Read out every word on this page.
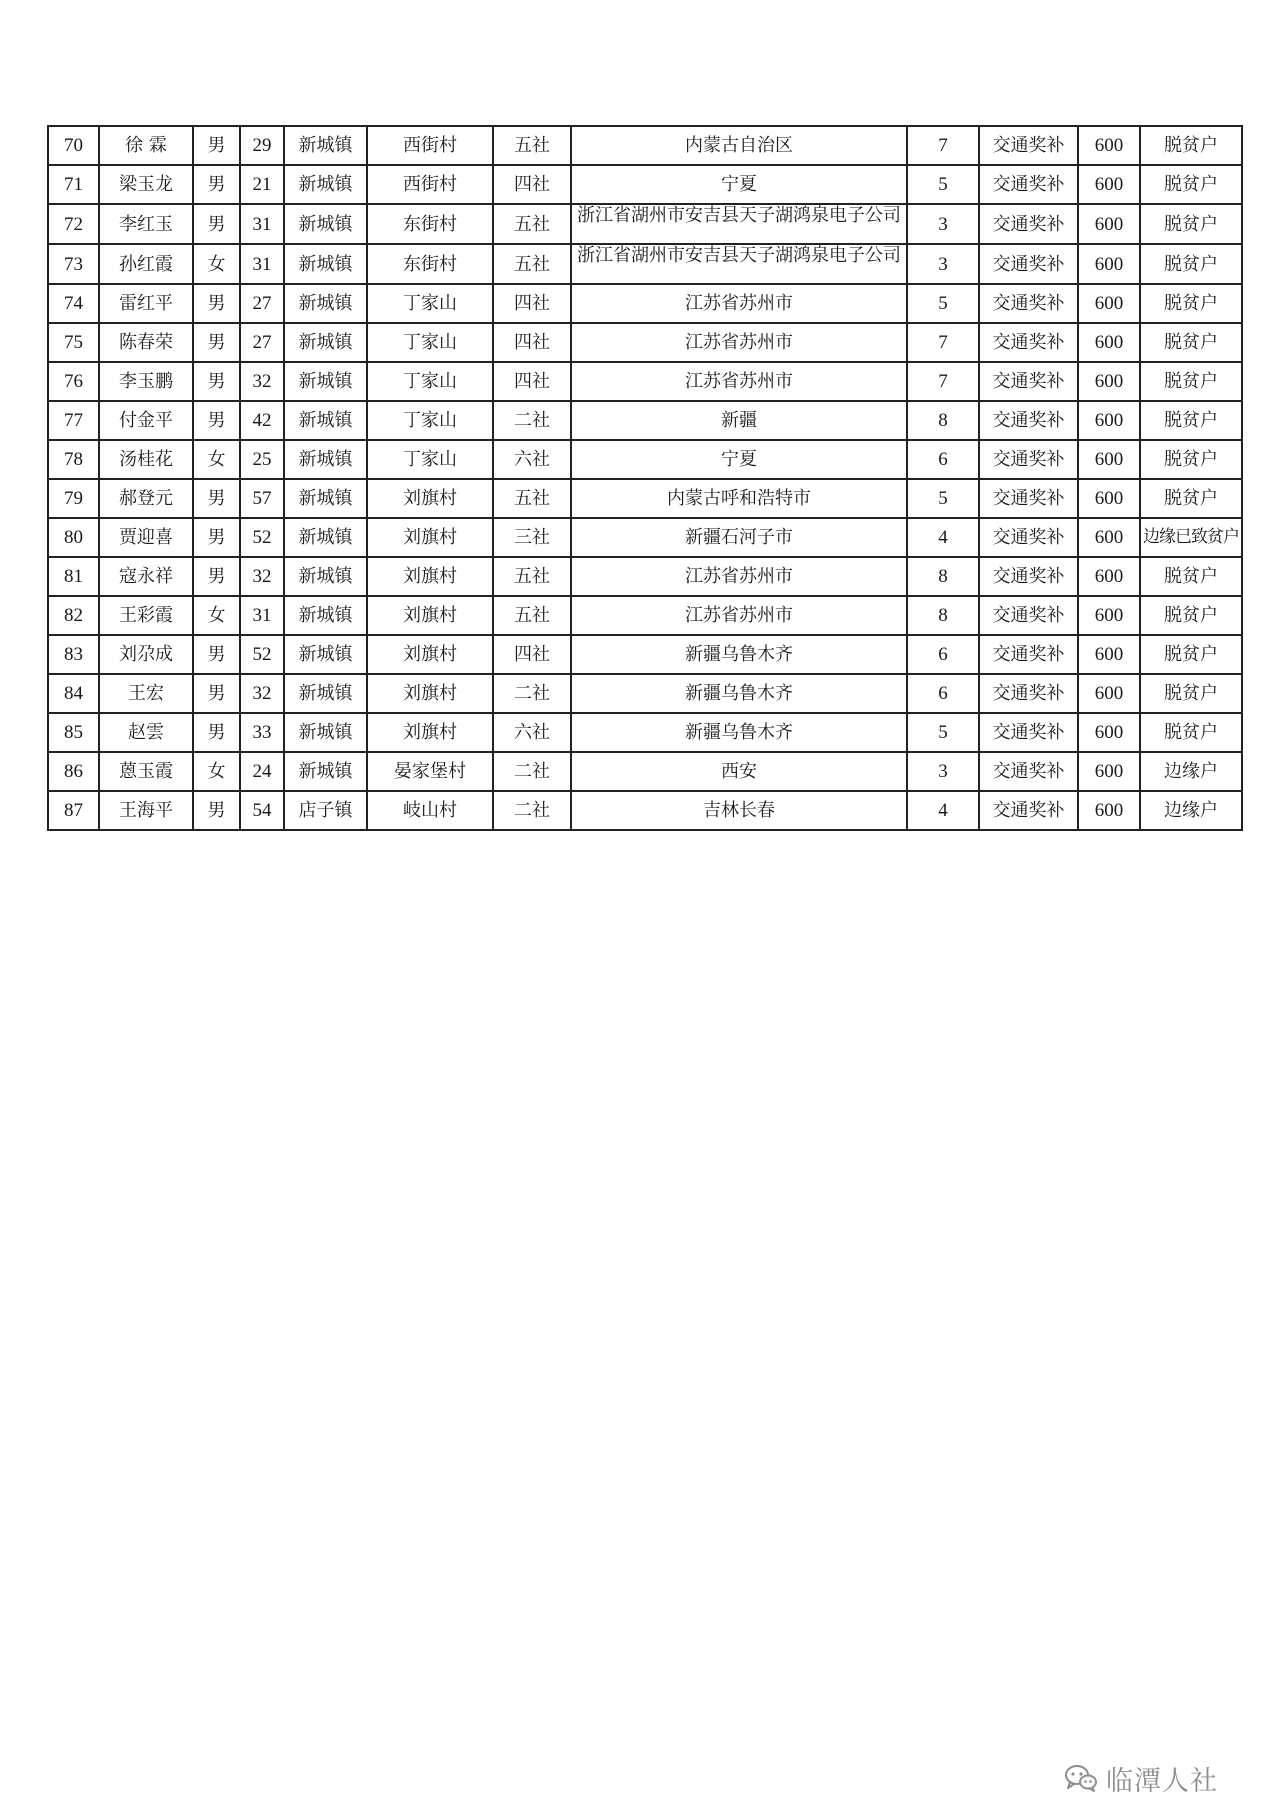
70	徐 霖	男	29	新城镇	西街村	五社	内蒙古自治区	7	交通奖补	600	脱贫户
71	梁玉龙	男	21	新城镇	西街村	四社	宁夏	5	交通奖补	600	脱贫户
72	李红玉	男	31	新城镇	东街村	五社	浙江省湖州市安吉县天子湖鸿泉电子公司	3	交通奖补	600	脱贫户
73	孙红霞	女	31	新城镇	东街村	五社	浙江省湖州市安吉县天子湖鸿泉电子公司	3	交通奖补	600	脱贫户
74	雷红平	男	27	新城镇	丁家山	四社	江苏省苏州市	5	交通奖补	600	脱贫户
75	陈春荣	男	27	新城镇	丁家山	四社	江苏省苏州市	7	交通奖补	600	脱贫户
76	李玉鹏	男	32	新城镇	丁家山	四社	江苏省苏州市	7	交通奖补	600	脱贫户
77	付金平	男	42	新城镇	丁家山	二社	新疆	8	交通奖补	600	脱贫户
78	汤桂花	女	25	新城镇	丁家山	六社	宁夏	6	交通奖补	600	脱贫户
79	郝登元	男	57	新城镇	刘旗村	五社	内蒙古呼和浩特市	5	交通奖补	600	脱贫户
80	贾迎喜	男	52	新城镇	刘旗村	三社	新疆石河子市	4	交通奖补	600	边缘已致贫户
81	寇永祥	男	32	新城镇	刘旗村	五社	江苏省苏州市	8	交通奖补	600	脱贫户
82	王彩霞	女	31	新城镇	刘旗村	五社	江苏省苏州市	8	交通奖补	600	脱贫户
83	刘尕成	男	52	新城镇	刘旗村	四社	新疆乌鲁木齐	6	交通奖补	600	脱贫户
84	王宏	男	32	新城镇	刘旗村	二社	新疆乌鲁木齐	6	交通奖补	600	脱贫户
85	赵雲	男	33	新城镇	刘旗村	六社	新疆乌鲁木齐	5	交通奖补	600	脱贫户
86	蒽玉霞	女	24	新城镇	晏家堡村	二社	西安	3	交通奖补	600	边缘户
87	王海平	男	54	店子镇	岐山村	二社	吉林长春	4	交通奖补	600	边缘户
临潭人社
